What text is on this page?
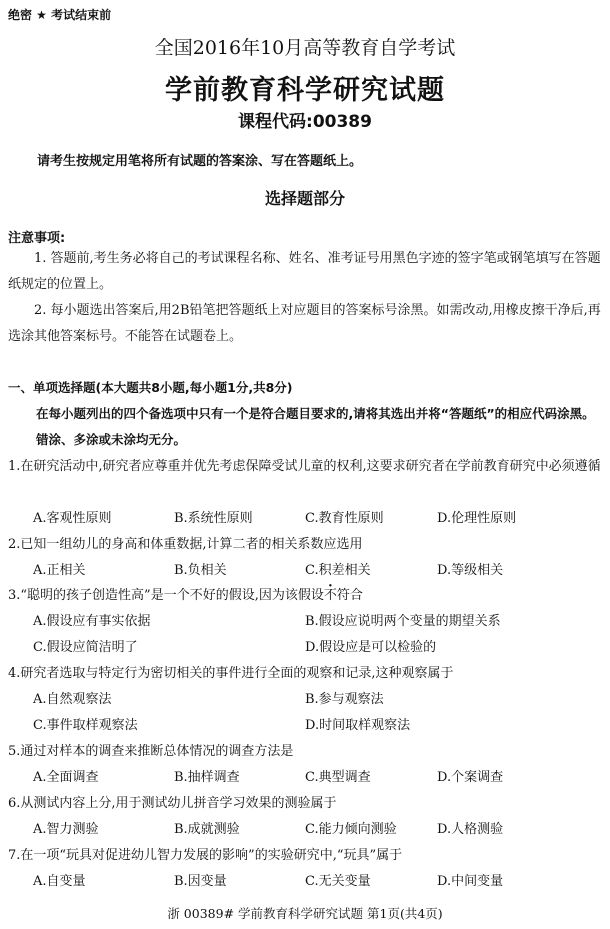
绝密 ★ 考试结束前
全国2016年10月高等教育自学考试
学前教育科学研究试题
课程代码:00389
请考生按规定用笔将所有试题的答案涂、写在答题纸上。
选择题部分
注意事项:
1. 答题前,考生务必将自己的考试课程名称、姓名、准考证号用黑色字迹的签字笔或钢笔填写在答题纸规定的位置上。
2. 每小题选出答案后,用2B铅笔把答题纸上对应题目的答案标号涂黑。如需改动,用橡皮擦干净后,再选涂其他答案标号。不能答在试题卷上。
一、单项选择题(本大题共8小题,每小题1分,共8分)
在每小题列出的四个备选项中只有一个是符合题目要求的,请将其选出并将“答题纸”的相应代码涂黑。错涂、多涂或未涂均无分。
1.在研究活动中,研究者应尊重并优先考虑保障受试儿童的权利,这要求研究者在学前教育研究中必须遵循
A.客观性原则	B.系统性原则	C.教育性原则	D.伦理性原则
2.已知一组幼儿的身高和体重数据,计算二者的相关系数应选用
A.正相关	B.负相关	C.积差相关	D.等级相关
3.“聪明的孩子创造性高”是一个不好的假设,因为该假设不符合
A.假设应有事实依据	B.假设应说明两个变量的期望关系
C.假设应简洁明了	D.假设应是可以检验的
4.研究者选取与特定行为密切相关的事件进行全面的观察和记录,这种观察属于
A.自然观察法	B.参与观察法
C.事件取样观察法	D.时间取样观察法
5.通过对样本的调查来推断总体情况的调查方法是
A.全面调查	B.抽样调查	C.典型调查	D.个案调查
6.从测试内容上分,用于测试幼儿拼音学习效果的测验属于
A.智力测验	B.成就测验	C.能力倾向测验	D.人格测验
7.在一项“玩具对促进幼儿智力发展的影响”的实验研究中,“玩具”属于
A.自变量	B.因变量	C.无关变量	D.中间变量
浙 00389# 学前教育科学研究试题 第1页(共4页)
